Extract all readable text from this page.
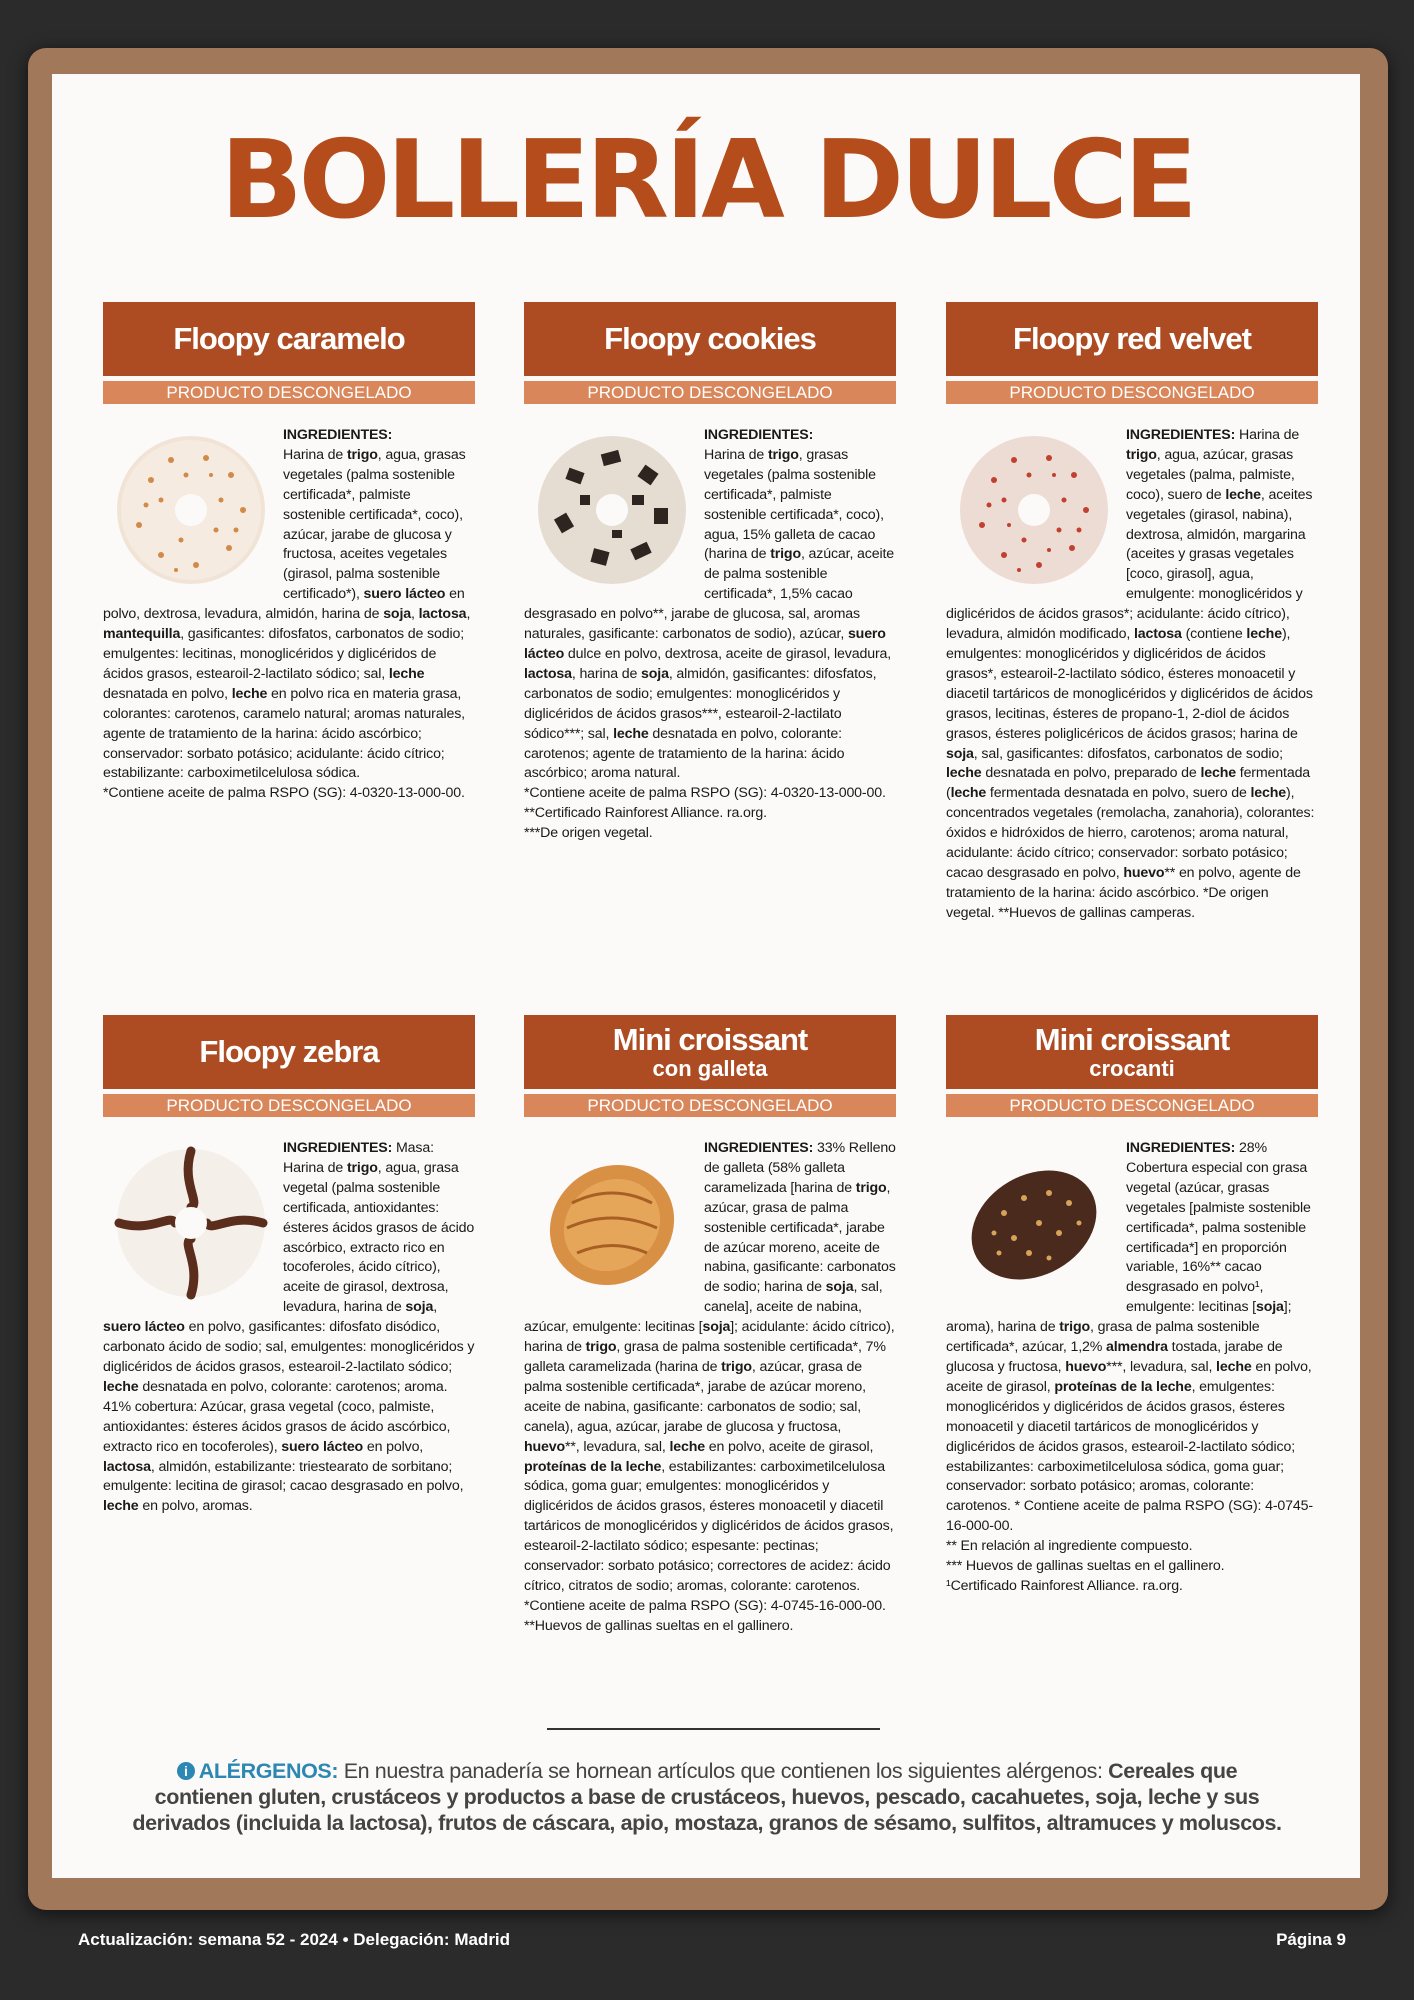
BOLLERÍA DULCE
Floopy caramelo
PRODUCTO DESCONGELADO
INGREDIENTES:
Harina de trigo, agua, grasas vegetales (palma sostenible certificada*, palmiste sostenible certificada*, coco), azúcar, jarabe de glucosa y fructosa, aceites vegetales (girasol, palma sostenible certificado*), suero lácteo en polvo, dextrosa, levadura, almidón, harina de soja, lactosa, mantequilla, gasificantes: difosfatos, carbonatos de sodio; emulgentes: lecitinas, monoglicéridos y diglicéridos de ácidos grasos, estearoil-2-lactilato sódico; sal, leche desnatada en polvo, leche en polvo rica en materia grasa, colorantes: carotenos, caramelo natural; aromas naturales, agente de tratamiento de la harina: ácido ascórbico; conservador: sorbato potásico; acidulante: ácido cítrico; estabilizante: carboximetilcelulosa sódica.
*Contiene aceite de palma RSPO (SG): 4-0320-13-000-00.
Floopy cookies
PRODUCTO DESCONGELADO
INGREDIENTES:
Harina de trigo, grasas vegetales (palma sostenible certificada*, palmiste sostenible certificada*, coco), agua, 15% galleta de cacao (harina de trigo, azúcar, aceite de palma sostenible certificada*, 1,5% cacao desgrasado en polvo**, jarabe de glucosa, sal, aromas naturales, gasificante: carbonatos de sodio), azúcar, suero lácteo dulce en polvo, dextrosa, aceite de girasol, levadura, lactosa, harina de soja, almidón, gasificantes: difosfatos, carbonatos de sodio; emulgentes: monoglicéridos y diglicéridos de ácidos grasos***, estearoil-2-lactilato sódico***; sal, leche desnatada en polvo, colorante: carotenos; agente de tratamiento de la harina: ácido ascórbico; aroma natural.
*Contiene aceite de palma RSPO (SG): 4-0320-13-000-00.
**Certificado Rainforest Alliance. ra.org.
***De origen vegetal.
Floopy red velvet
PRODUCTO DESCONGELADO
INGREDIENTES: Harina de trigo, agua, azúcar, grasas vegetales (palma, palmiste, coco), suero de leche, aceites vegetales (girasol, nabina), dextrosa, almidón, margarina (aceites y grasas vegetales [coco, girasol], agua, emulgente: monoglicéridos y diglicéridos de ácidos grasos*; acidulante: ácido cítrico), levadura, almidón modificado, lactosa (contiene leche), emulgentes: monoglicéridos y diglicéridos de ácidos grasos*, estearoil-2-lactilato sódico, ésteres monoacetil y diacetil tartáricos de monoglicéridos y diglicéridos de ácidos grasos, lecitinas, ésteres de propano-1, 2-diol de ácidos grasos, ésteres poliglicéricos de ácidos grasos; harina de soja, sal, gasificantes: difosfatos, carbonatos de sodio; leche desnatada en polvo, preparado de leche fermentada (leche fermentada desnatada en polvo, suero de leche), concentrados vegetales (remolacha, zanahoria), colorantes: óxidos e hidróxidos de hierro, carotenos; aroma natural, acidulante: ácido cítrico; conservador: sorbato potásico; cacao desgrasado en polvo, huevo** en polvo, agente de tratamiento de la harina: ácido ascórbico. *De origen vegetal. **Huevos de gallinas camperas.
Floopy zebra
PRODUCTO DESCONGELADO
INGREDIENTES: Masa: Harina de trigo, agua, grasa vegetal (palma sostenible certificada, antioxidantes: ésteres ácidos grasos de ácido ascórbico, extracto rico en tocoferoles, ácido cítrico), aceite de girasol, dextrosa, levadura, harina de soja, suero lácteo en polvo, gasificantes: difosfato disódico, carbonato ácido de sodio; sal, emulgentes: monoglicéridos y diglicéridos de ácidos grasos, estearoil-2-lactilato sódico; leche desnatada en polvo, colorante: carotenos; aroma. 41% cobertura: Azúcar, grasa vegetal (coco, palmiste, antioxidantes: ésteres ácidos grasos de ácido ascórbico, extracto rico en tocoferoles), suero lácteo en polvo, lactosa, almidón, estabilizante: triestearato de sorbitano; emulgente: lecitina de girasol; cacao desgrasado en polvo, leche en polvo, aromas.
Mini croissant
con galleta
PRODUCTO DESCONGELADO
INGREDIENTES: 33% Relleno de galleta (58% galleta caramelizada [harina de trigo, azúcar, grasa de palma sostenible certificada*, jarabe de azúcar moreno, aceite de nabina, gasificante: carbonatos de sodio; harina de soja, sal, canela], aceite de nabina, azúcar, emulgente: lecitinas [soja]; acidulante: ácido cítrico), harina de trigo, grasa de palma sostenible certificada*, 7% galleta caramelizada (harina de trigo, azúcar, grasa de palma sostenible certificada*, jarabe de azúcar moreno, aceite de nabina, gasificante: carbonatos de sodio; sal, canela), agua, azúcar, jarabe de glucosa y fructosa, huevo**, levadura, sal, leche en polvo, aceite de girasol, proteínas de la leche, estabilizantes: carboximetilcelulosa sódica, goma guar; emulgentes: monoglicéridos y diglicéridos de ácidos grasos, ésteres monoacetil y diacetil tartáricos de monoglicéridos y diglicéridos de ácidos grasos, estearoil-2-lactilato sódico; espesante: pectinas; conservador: sorbato potásico; correctores de acidez: ácido cítrico, citratos de sodio; aromas, colorante: carotenos. *Contiene aceite de palma RSPO (SG): 4-0745-16-000-00.
**Huevos de gallinas sueltas en el gallinero.
Mini croissant
crocanti
PRODUCTO DESCONGELADO
INGREDIENTES: 28% Cobertura especial con grasa vegetal (azúcar, grasas vegetales [palmiste sostenible certificada*, palma sostenible certificada*] en proporción variable, 16%** cacao desgrasado en polvo¹, emulgente: lecitinas [soja]; aroma), harina de trigo, grasa de palma sostenible certificada*, azúcar, 1,2% almendra tostada, jarabe de glucosa y fructosa, huevo***, levadura, sal, leche en polvo, aceite de girasol, proteínas de la leche, emulgentes: monoglicéridos y diglicéridos de ácidos grasos, ésteres monoacetil y diacetil tartáricos de monoglicéridos y diglicéridos de ácidos grasos, estearoil-2-lactilato sódico; estabilizantes: carboximetilcelulosa sódica, goma guar; conservador: sorbato potásico; aromas, colorante: carotenos. * Contiene aceite de palma RSPO (SG): 4-0745-16-000-00.
** En relación al ingrediente compuesto.
*** Huevos de gallinas sueltas en el gallinero.
¹Certificado Rainforest Alliance. ra.org.
i ALÉRGENOS: En nuestra panadería se hornean artículos que contienen los siguientes alérgenos: Cereales que contienen gluten, crustáceos y productos a base de crustáceos, huevos, pescado, cacahuetes, soja, leche y sus derivados (incluida la lactosa), frutos de cáscara, apio, mostaza, granos de sésamo, sulfitos, altramuces y moluscos.
Actualización: semana 52 - 2024 • Delegación: Madrid	Página 9
